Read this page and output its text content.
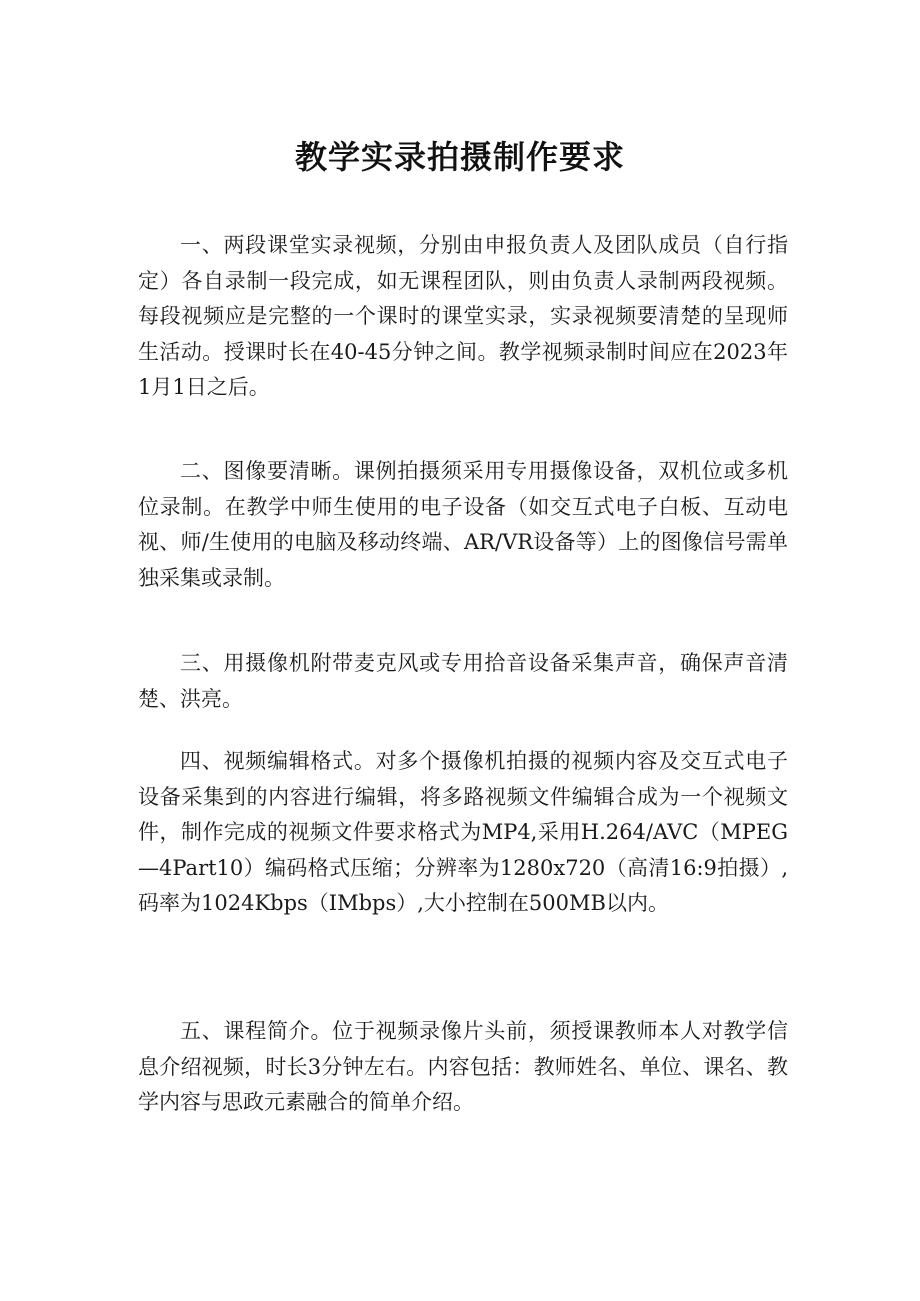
教学实录拍摄制作要求

一、两段课堂实录视频，分别由申报负责人及团队成员（自行指定）各自录制一段完成，如无课程团队，则由负责人录制两段视频。每段视频应是完整的一个课时的课堂实录，实录视频要清楚的呈现师生活动。授课时长在40-45分钟之间。教学视频录制时间应在2023年1月1日之后。

二、图像要清晰。课例拍摄须采用专用摄像设备，双机位或多机位录制。在教学中师生使用的电子设备（如交互式电子白板、互动电视、师/生使用的电脑及移动终端、AR/VR设备等）上的图像信号需单独采集或录制。

三、用摄像机附带麦克风或专用拾音设备采集声音，确保声音清楚、洪亮。

四、视频编辑格式。对多个摄像机拍摄的视频内容及交互式电子设备采集到的内容进行编辑，将多路视频文件编辑合成为一个视频文件，制作完成的视频文件要求格式为MP4,采用H.264/AVC（MPEG—4Part10）编码格式压缩；分辨率为1280x720（高清16:9拍摄）,码率为1024Kbps（IMbps）,大小控制在500MB以内。

五、课程简介。位于视频录像片头前，须授课教师本人对教学信息介绍视频，时长3分钟左右。内容包括：教师姓名、单位、课名、教学内容与思政元素融合的简单介绍。
